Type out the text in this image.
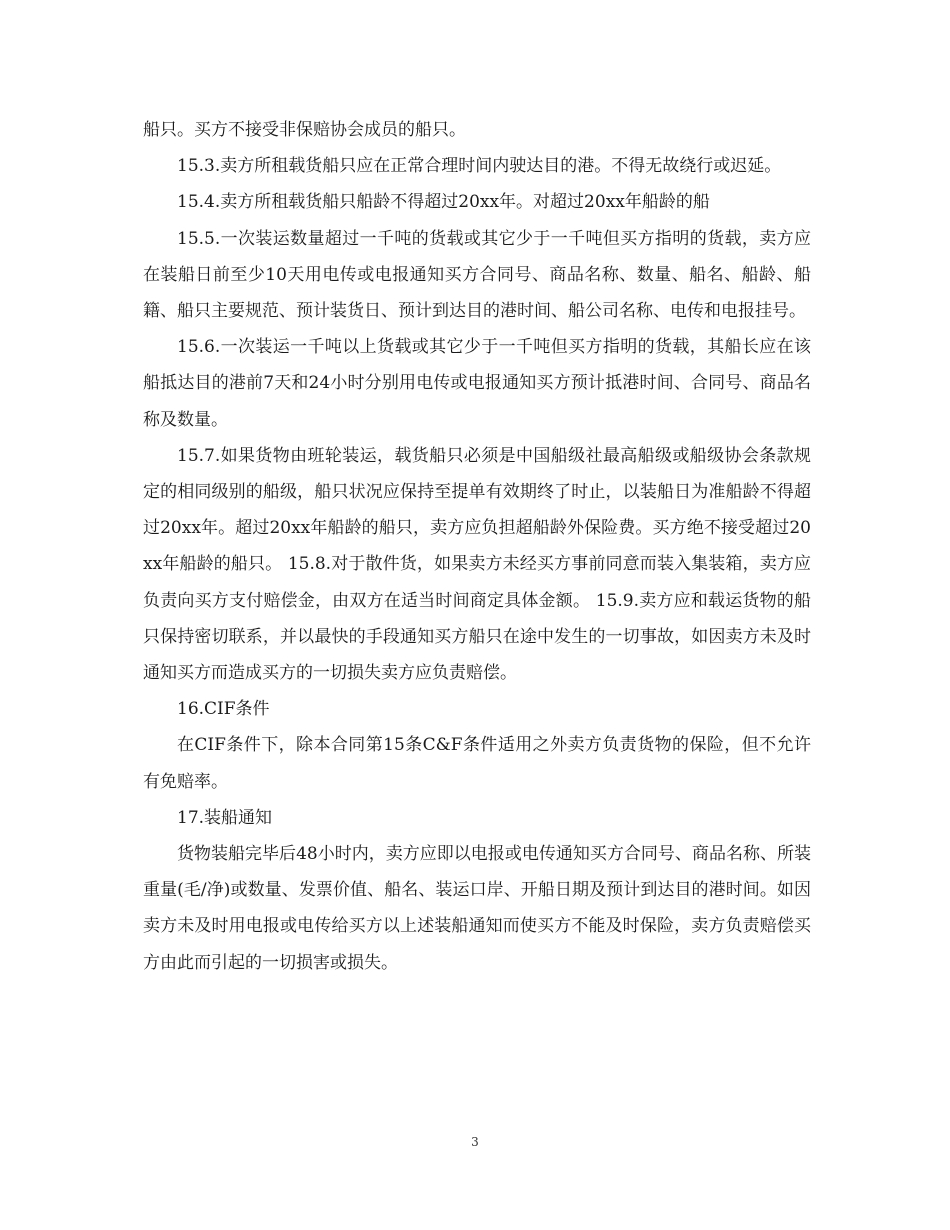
船只。买方不接受非保赔协会成员的船只。

15.3.卖方所租载货船只应在正常合理时间内驶达目的港。不得无故绕行或迟延。

15.4.卖方所租载货船只船龄不得超过20xx年。对超过20xx年船龄的船

15.5.一次装运数量超过一千吨的货载或其它少于一千吨但买方指明的货载，卖方应在装船日前至少10天用电传或电报通知买方合同号、商品名称、数量、船名、船龄、船籍、船只主要规范、预计装货日、预计到达目的港时间、船公司名称、电传和电报挂号。

15.6.一次装运一千吨以上货载或其它少于一千吨但买方指明的货载，其船长应在该船抵达目的港前7天和24小时分别用电传或电报通知买方预计抵港时间、合同号、商品名称及数量。

15.7.如果货物由班轮装运，载货船只必须是中国船级社最高船级或船级协会条款规定的相同级别的船级，船只状况应保持至提单有效期终了时止，以装船日为准船龄不得超过20xx年。超过20xx年船龄的船只，卖方应负担超船龄外保险费。买方绝不接受超过20xx年船龄的船只。 15.8.对于散件货，如果卖方未经买方事前同意而装入集装箱，卖方应负责向买方支付赔偿金，由双方在适当时间商定具体金额。 15.9.卖方应和载运货物的船只保持密切联系，并以最快的手段通知买方船只在途中发生的一切事故，如因卖方未及时通知买方而造成买方的一切损失卖方应负责赔偿。

16.CIF条件

在CIF条件下，除本合同第15条C&F条件适用之外卖方负责货物的保险，但不允许有免赔率。

17.装船通知

货物装船完毕后48小时内，卖方应即以电报或电传通知买方合同号、商品名称、所装重量(毛/净)或数量、发票价值、船名、装运口岸、开船日期及预计到达目的港时间。如因卖方未及时用电报或电传给买方以上述装船通知而使买方不能及时保险，卖方负责赔偿买方由此而引起的一切损害或损失。

3
